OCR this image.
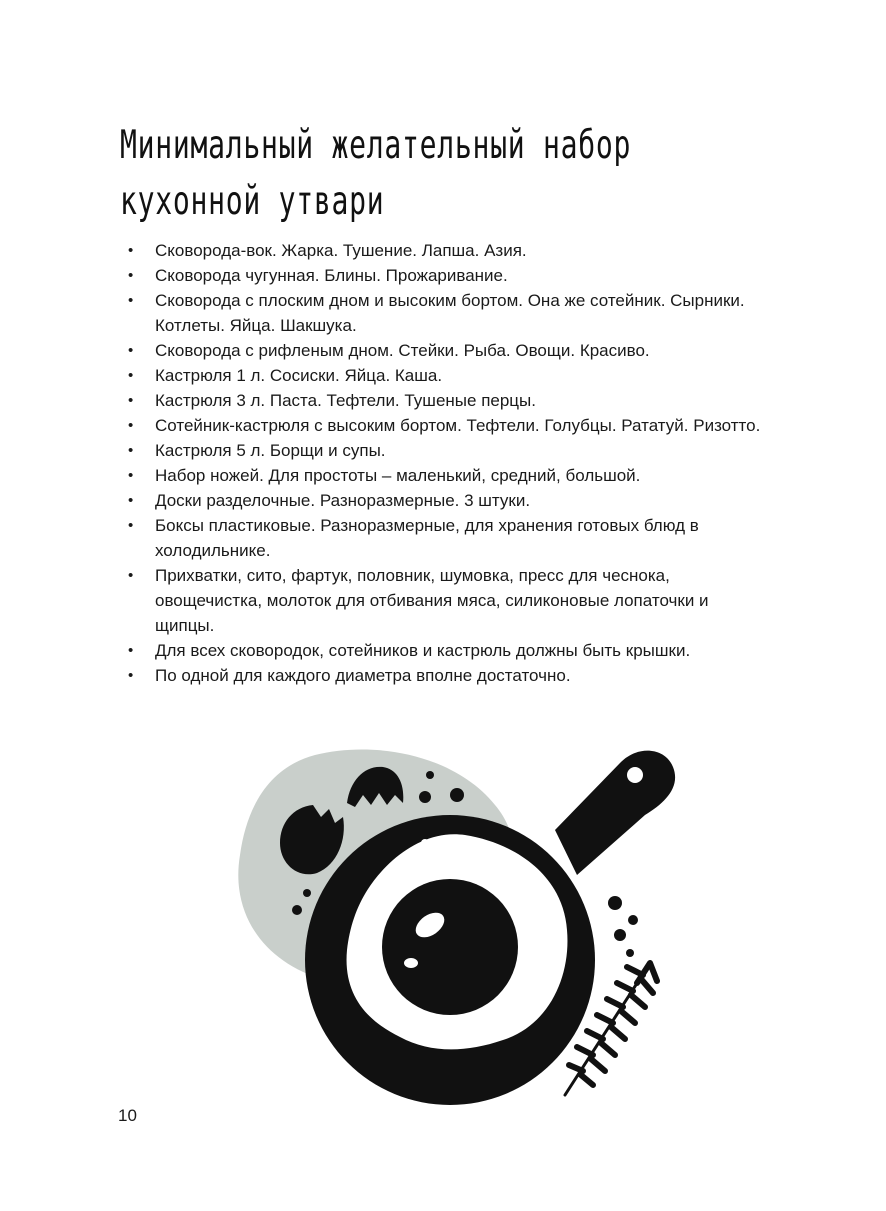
Минимальный желательный набор
кухонной утвари
• Сковорода-вок. Жарка. Тушение. Лапша. Азия.
• Сковорода чугунная. Блины. Прожаривание.
• Сковорода с плоским дном и высоким бортом. Она же сотейник. Сырники. Котлеты. Яйца. Шакшука.
• Сковорода с рифленым дном. Стейки. Рыба. Овощи. Красиво.
• Кастрюля 1 л. Сосиски. Яйца. Каша.
• Кастрюля 3 л. Паста. Тефтели. Тушеные перцы.
• Сотейник-кастрюля с высоким бортом. Тефтели. Голубцы. Рататуй. Ризотто.
• Кастрюля 5 л. Борщи и супы.
• Набор ножей. Для простоты – маленький, средний, большой.
• Доски разделочные. Разноразмерные. 3 штуки.
• Боксы пластиковые. Разноразмерные, для хранения готовых блюд в холодильнике.
• Прихватки, сито, фартук, половник, шумовка, пресс для чеснока, овощечистка, молоток для отбивания мяса, силиконовые лопаточки и щипцы.
• Для всех сковородок, сотейников и кастрюль должны быть крышки.
• По одной для каждого диаметра вполне достаточно.
10
